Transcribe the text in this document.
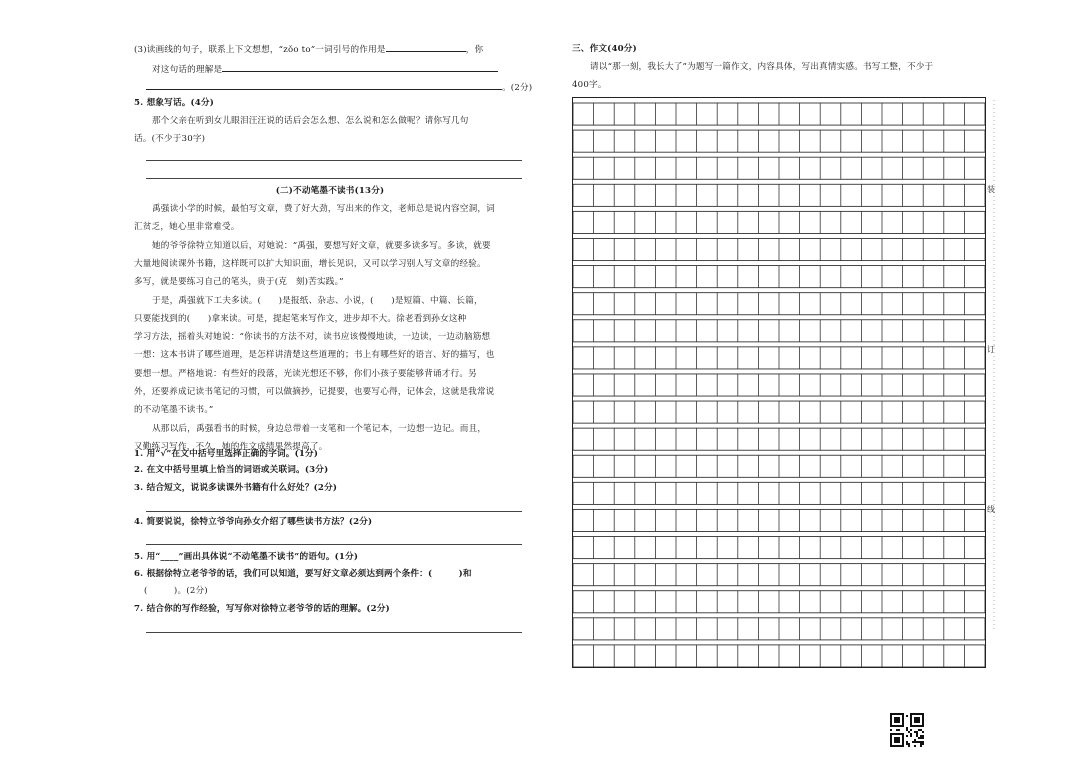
(3)读画线的句子，联系上下文想想，“zǒo to”一词引号的作用是	，你
对这句话的理解是
。(2分)
5. 想象写话。(4分)
那个父亲在听到女儿眼泪汪汪说的话后会怎么想、怎么说和怎么做呢？请你写几句
话。(不少于30字)
(二)不动笔墨不读书(13分)
禹强读小学的时候，最怕写文章，费了好大劲，写出来的作文，老师总是说内容空洞，词
汇贫乏，她心里非常难受。
她的爷爷徐特立知道以后，对她说：“禹强，要想写好文章，就要多读多写。多读，就要
大量地阅读课外书籍，这样既可以扩大知识面，增长见识，又可以学习别人写文章的经验。
多写，就是要练习自己的笔头，贵于(克　刻)苦实践。”
于是，禹强就下工夫多读。(　　)是报纸、杂志、小说，(　　)是短篇、中篇、长篇，
只要能找到的(　　)拿来读。可是，提起笔来写作文，进步却不大。徐老看到孙女这种
学习方法，摇着头对她说：“你读书的方法不对，读书应该慢慢地读，一边读，一边动脑筋想
一想：这本书讲了哪些道理，是怎样讲清楚这些道理的；书上有哪些好的语言、好的描写，也
要想一想。严格地说：有些好的段落，光读光想还不够，你们小孩子要能够背诵才行。另
外，还要养成记读书笔记的习惯，可以做摘抄，记提要，也要写心得，记体会，这就是我常说
的不动笔墨不读书。”
从那以后，禹强看书的时候，身边总带着一支笔和一个笔记本，一边想一边记。而且，
又勤练习写作，不久，她的作文成绩果然提高了。
1. 用“√”在文中括号里选择正确的字词。(1分)
2. 在文中括号里填上恰当的词语或关联词。(3分)
3. 结合短文，说说多读课外书籍有什么好处？(2分)
4. 简要说说，徐特立爷爷向孙女介绍了哪些读书方法？(2分)
5. 用“____”画出具体说“不动笔墨不读书”的语句。(1分)
6. 根据徐特立老爷爷的话，我们可以知道，要写好文章必须达到两个条件：(　　　)和
(　　　)。(2分)
7. 结合你的写作经验，写写你对徐特立老爷爷的话的理解。(2分)
三、作文(40分)
请以“那一刻，我长大了”为题写一篇作文，内容具体，写出真情实感。书写工整，不少于
400字。
装
订
线
